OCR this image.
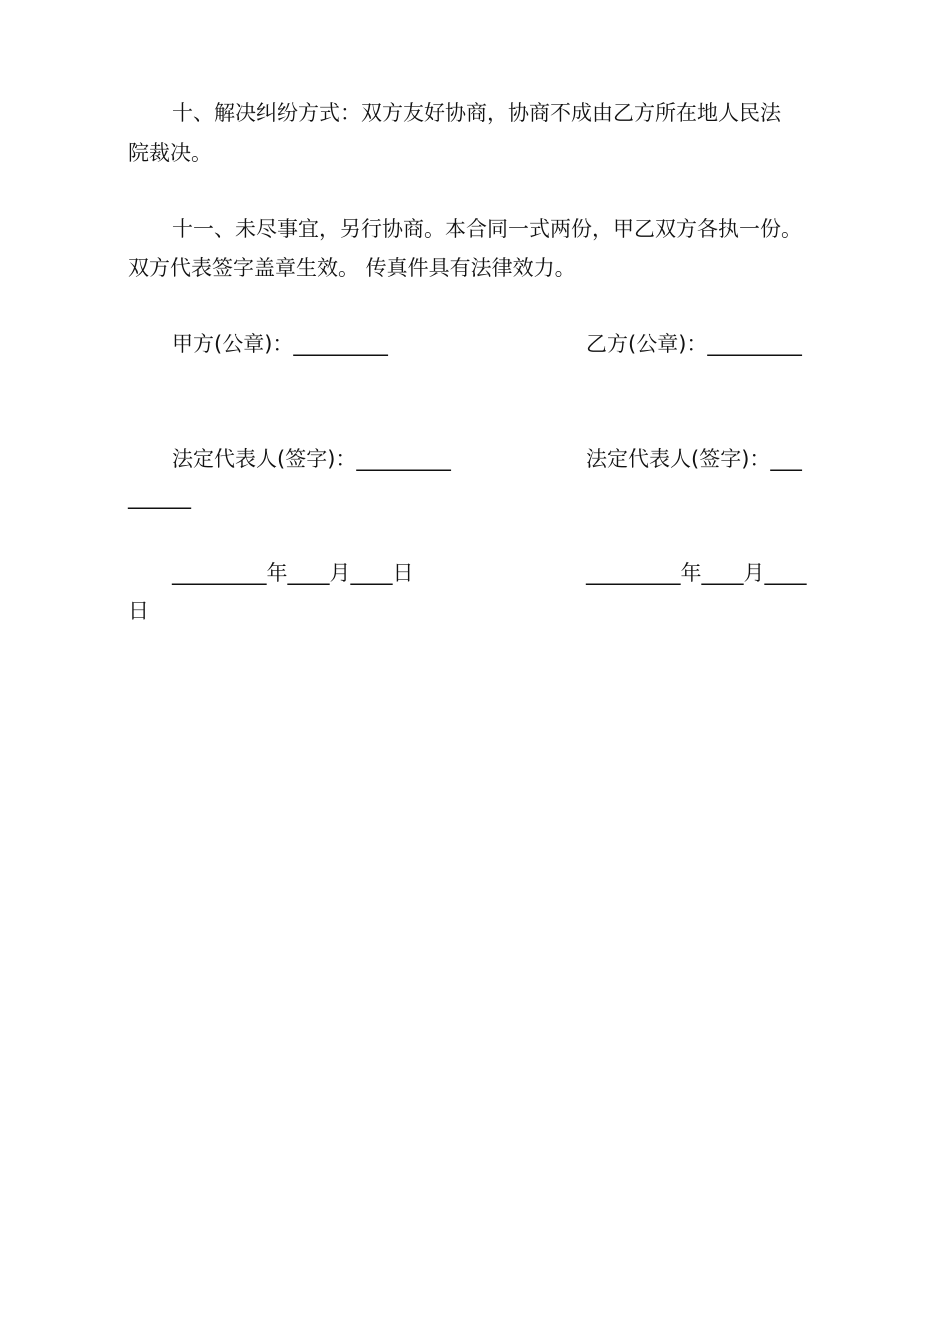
十、解决纠纷方式：双方友好协商，协商不成由乙方所在地人民法
院裁决。
十一、未尽事宜，另行协商。本合同一式两份，甲乙双方各执一份。
双方代表签字盖章生效。 传真件具有法律效力。
甲方(公章)：_________	乙方(公章)：_________
法定代表人(签字)：_________	法定代表人(签字)：___
______
_________年____月____日	_________年____月____
日
